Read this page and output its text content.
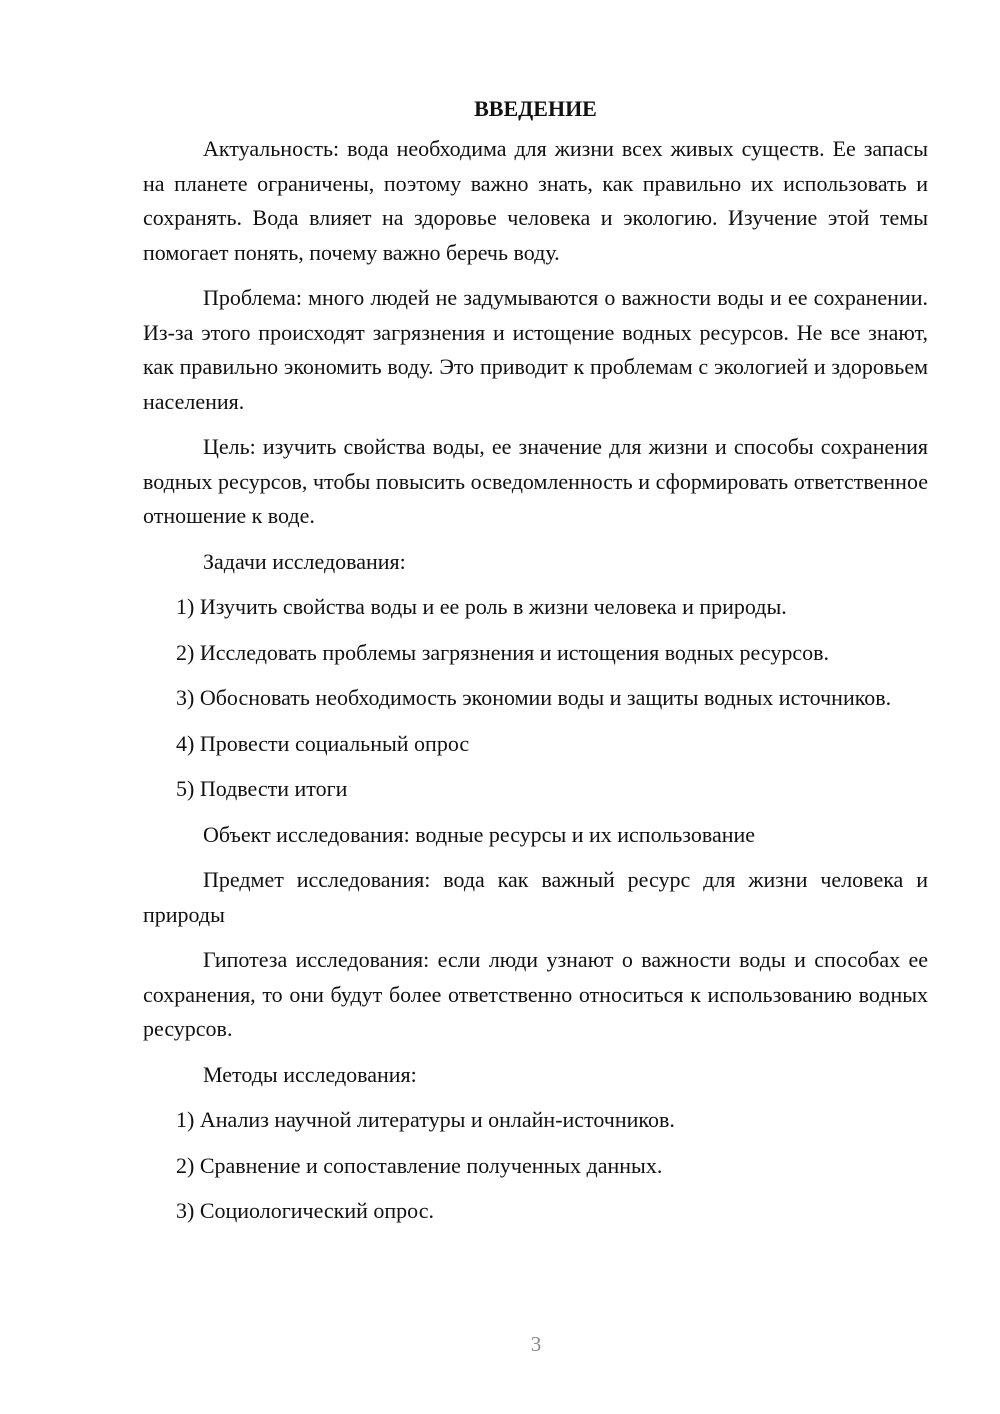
ВВЕДЕНИЕ

Актуальность: вода необходима для жизни всех живых существ. Ее запасы на планете ограничены, поэтому важно знать, как правильно их использовать и сохранять. Вода влияет на здоровье человека и экологию. Изучение этой темы помогает понять, почему важно беречь воду.

Проблема: много людей не задумываются о важности воды и ее сохранении. Из-за этого происходят загрязнения и истощение водных ресурсов. Не все знают, как правильно экономить воду. Это приводит к проблемам с экологией и здоровьем населения.

Цель: изучить свойства воды, ее значение для жизни и способы сохранения водных ресурсов, чтобы повысить осведомленность и сформировать ответственное отношение к воде.

Задачи исследования:

1) Изучить свойства воды и ее роль в жизни человека и природы.

2) Исследовать проблемы загрязнения и истощения водных ресурсов.

3) Обосновать необходимость экономии воды и защиты водных источников.

4) Провести социальный опрос

5) Подвести итоги

Объект исследования: водные ресурсы и их использование

Предмет исследования: вода как важный ресурс для жизни человека и природы

Гипотеза исследования: если люди узнают о важности воды и способах ее сохранения, то они будут более ответственно относиться к использованию водных ресурсов.

Методы исследования:

1) Анализ научной литературы и онлайн-источников.

2) Сравнение и сопоставление полученных данных.

3) Социологический опрос.

3
